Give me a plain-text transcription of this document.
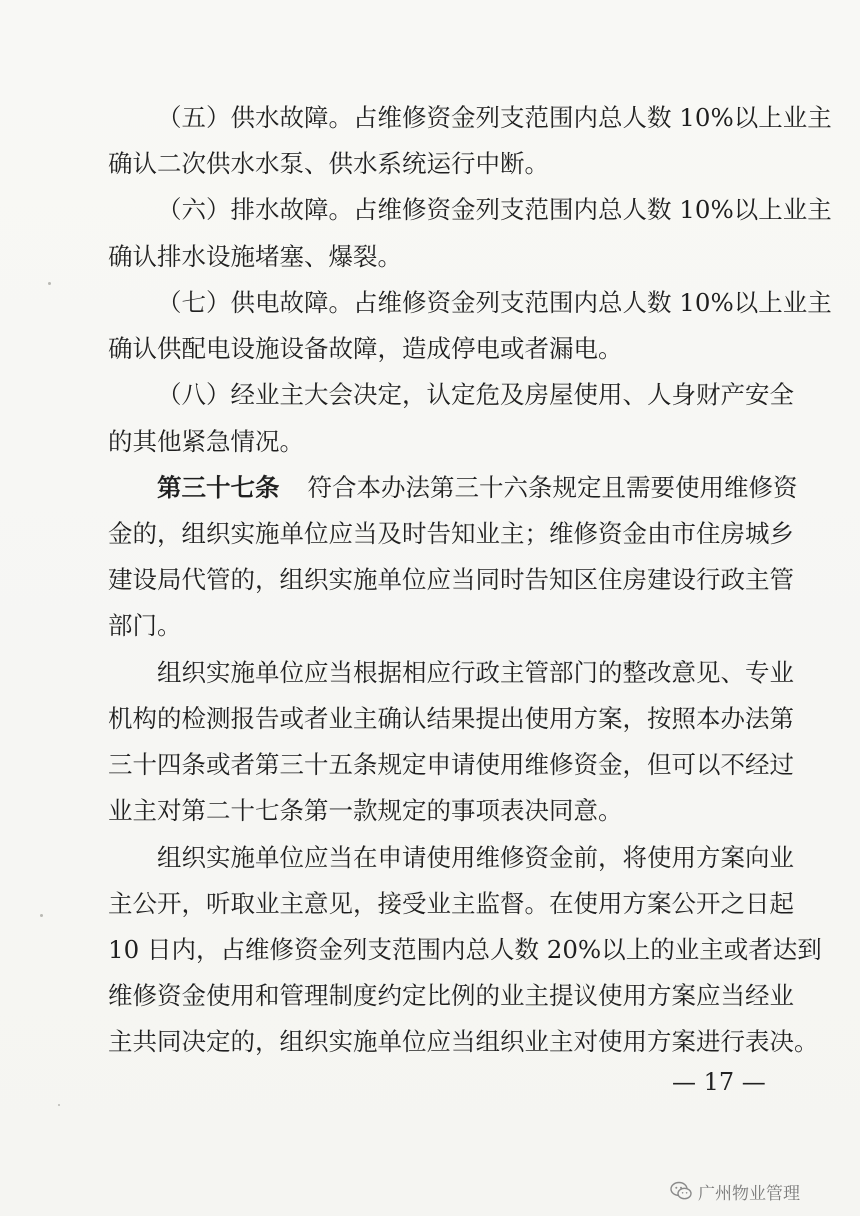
（五）供水故障。占维修资金列支范围内总人数 10%以上业主
确认二次供水水泵、供水系统运行中断。
（六）排水故障。占维修资金列支范围内总人数 10%以上业主
确认排水设施堵塞、爆裂。
（七）供电故障。占维修资金列支范围内总人数 10%以上业主
确认供配电设施设备故障，造成停电或者漏电。
（八）经业主大会决定，认定危及房屋使用、人身财产安全
的其他紧急情况。
第三十七条 符合本办法第三十六条规定且需要使用维修资
金的，组织实施单位应当及时告知业主；维修资金由市住房城乡
建设局代管的，组织实施单位应当同时告知区住房建设行政主管
部门。
组织实施单位应当根据相应行政主管部门的整改意见、专业
机构的检测报告或者业主确认结果提出使用方案，按照本办法第
三十四条或者第三十五条规定申请使用维修资金，但可以不经过
业主对第二十七条第一款规定的事项表决同意。
组织实施单位应当在申请使用维修资金前，将使用方案向业
主公开，听取业主意见，接受业主监督。在使用方案公开之日起
10 日内，占维修资金列支范围内总人数 20%以上的业主或者达到
维修资金使用和管理制度约定比例的业主提议使用方案应当经业
主共同决定的，组织实施单位应当组织业主对使用方案进行表决。
— 17 —
广州物业管理
